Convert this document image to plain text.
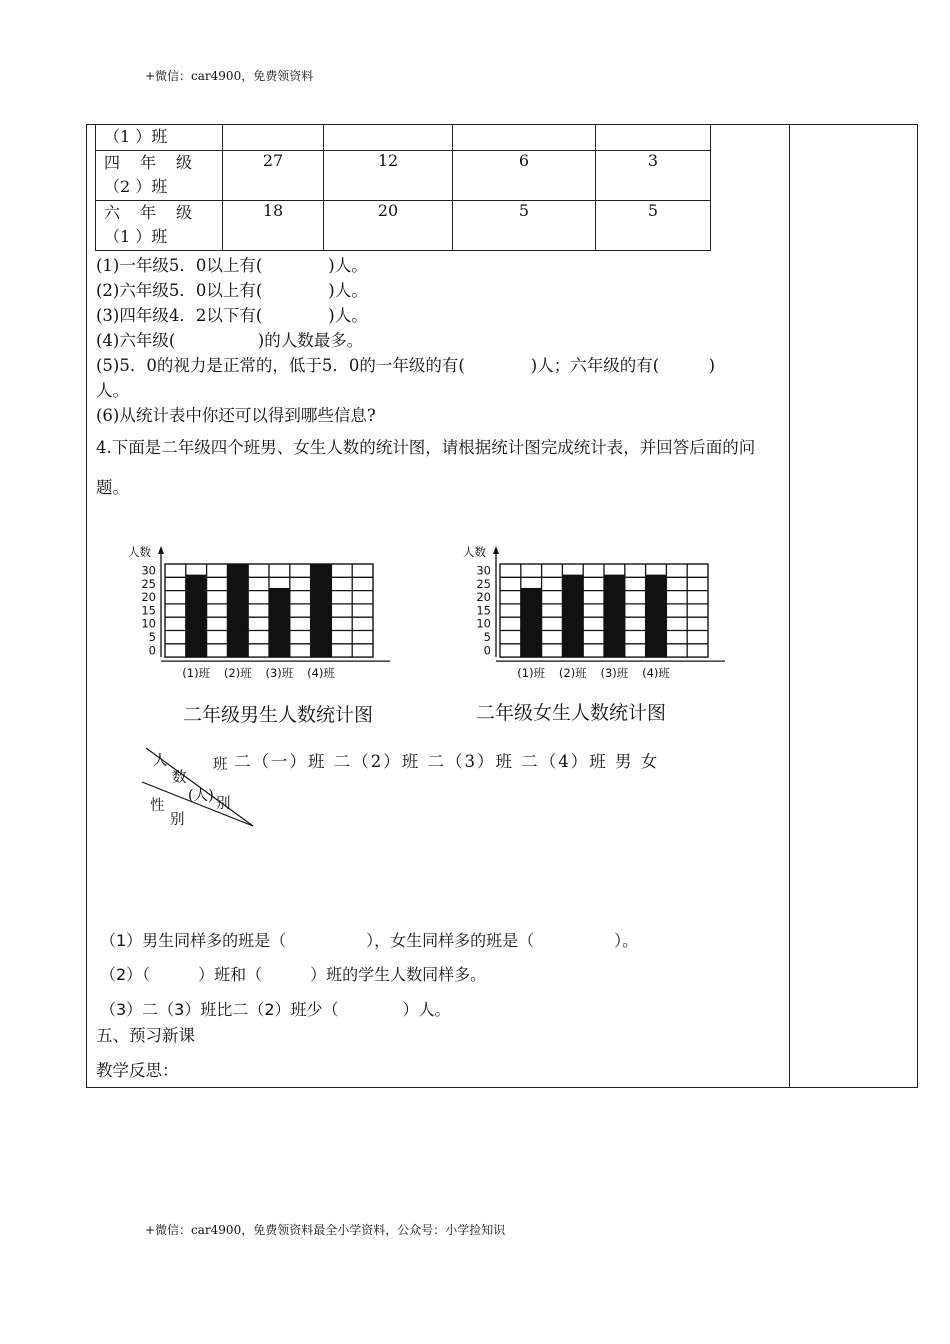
+微信：car4900，免费领资料
（1 ）班				

四年级
（2 ）班	27	12	6	3

六年级
（1 ）班	18	20	5	5
(1)一年级5．0以上有(　　　　)人。
(2)六年级5．0以上有(　　　　)人。
(3)四年级4．2以下有(　　　　)人。
(4)六年级(　　　　　)的人数最多。
(5)5．0的视力是正常的，低于5．0的一年级的有(　　　　)人；六年级的有(　　　)
人。
(6)从统计表中你还可以得到哪些信息?
4.下面是二年级四个班男、女生人数的统计图，请根据统计图完成统计表，并回答后面的问题。
人数
30
25
20
15
10
5
0
(1)班 (2)班 (3)班 (4)班
人数
30
25
20
15
10
5
0
(1)班 (2)班 (3)班 (4)班
二年级男生人数统计图	二年级女生人数统计图
人
数
(人)
班
别
性
别
二（一）班 二（2）班 二（3）班 二（4）班 男 女
（1）男生同样多的班是（　　　　　），女生同样多的班是（　　　　　）。
（2）（　　　）班和（　　　）班的学生人数同样多。
（3）二（3）班比二（2）班少（　　　　）人。
五、预习新课
教学反思：
+微信：car4900，免费领资料最全小学资料，公众号：小学捡知识
